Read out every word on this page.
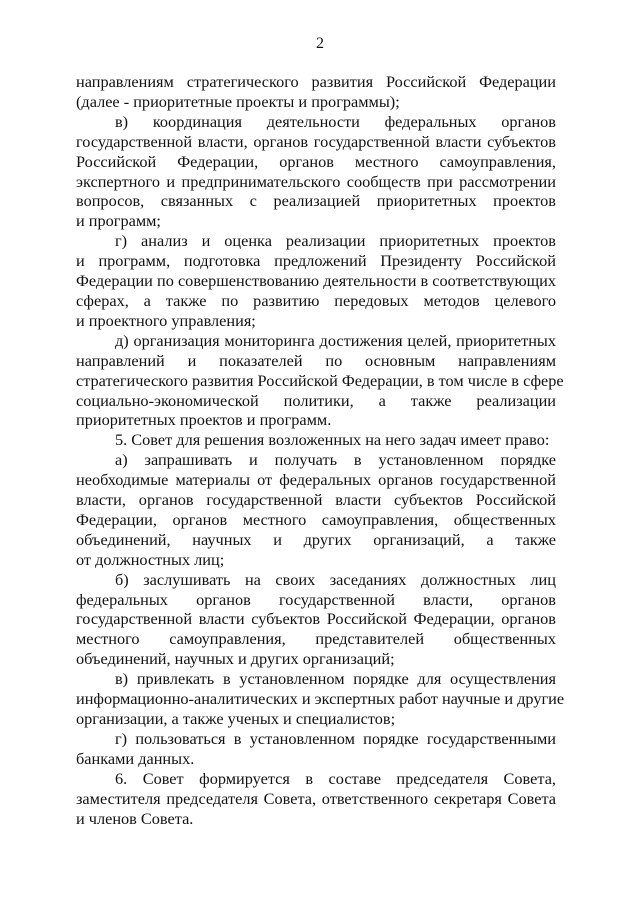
2

направлениям стратегического развития Российской Федерации
(далее - приоритетные проекты и программы);

в) координация деятельности федеральных органов
государственной власти, органов государственной власти субъектов
Российской Федерации, органов местного самоуправления,
экспертного и предпринимательского сообществ при рассмотрении
вопросов, связанных с реализацией приоритетных проектов
и программ;

г) анализ и оценка реализации приоритетных проектов
и программ, подготовка предложений Президенту Российской
Федерации по совершенствованию деятельности в соответствующих
сферах, а также по развитию передовых методов целевого
и проектного управления;

д) организация мониторинга достижения целей, приоритетных
направлений и показателей по основным направлениям
стратегического развития Российской Федерации, в том числе в сфере
социально-экономической политики, а также реализации
приоритетных проектов и программ.

5. Совет для решения возложенных на него задач имеет право:

а) запрашивать и получать в установленном порядке
необходимые материалы от федеральных органов государственной
власти, органов государственной власти субъектов Российской
Федерации, органов местного самоуправления, общественных
объединений, научных и других организаций, а также
от должностных лиц;

б) заслушивать на своих заседаниях должностных лиц
федеральных органов государственной власти, органов
государственной власти субъектов Российской Федерации, органов
местного самоуправления, представителей общественных
объединений, научных и других организаций;

в) привлекать в установленном порядке для осуществления
информационно-аналитических и экспертных работ научные и другие
организации, а также ученых и специалистов;

г) пользоваться в установленном порядке государственными
банками данных.

6. Совет формируется в составе председателя Совета,
заместителя председателя Совета, ответственного секретаря Совета
и членов Совета.
